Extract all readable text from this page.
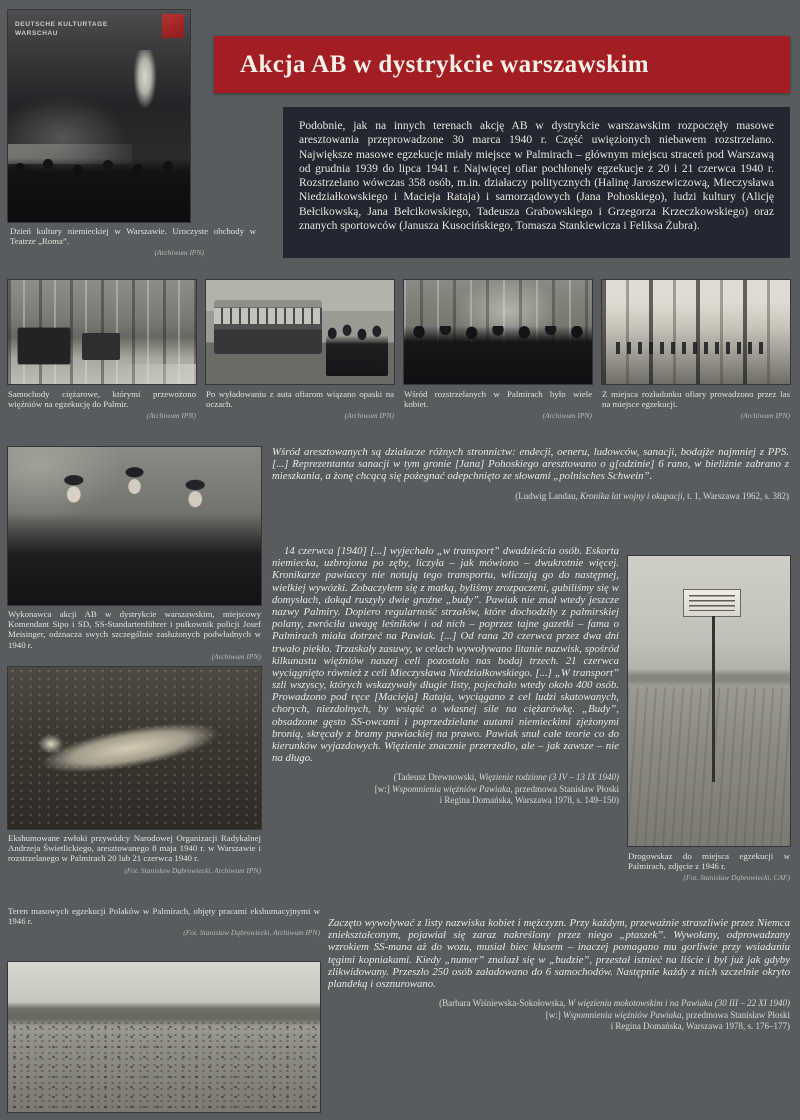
DEUTSCHE KULTURTAGE WARSCHAU
Dzień kultury niemieckiej w Warszawie. Uroczyste obchody w Teatrze „Roma”.
(Archiwum IPN)
Akcja AB w dystrykcie warszawskim

Podobnie, jak na innych terenach akcję AB w dystrykcie warszawskim rozpoczęły masowe aresztowania przeprowadzone 30 marca 1940 r. Część uwięzionych niebawem rozstrzelano. Największe masowe egzekucje miały miejsce w Palmirach – głównym miejscu straceń pod Warszawą od grudnia 1939 do lipca 1941 r. Najwięcej ofiar pochłonęły egzekucje z 20 i 21 czerwca 1940 r. Rozstrzelano wówczas 358 osób, m.in. działaczy politycznych (Halinę Jaroszewiczową, Mieczysława Niedziałkowskiego i Macieja Rataja) i samorządowych (Jana Pohoskiego), ludzi kultury (Alicję Bełcikowską, Jana Bełcikowskiego, Tadeusza Grabowskiego i Grzegorza Krzeczkowskiego) oraz znanych sportowców (Janusza Kusocińskiego, Tomasza Stankiewicza i Feliksa Żubra).

Samochody ciężarowe, którymi przewożono więźniów na egzekucję do Palmir.
(Archiwum IPN)
Po wyładowaniu z auta ofiarom wiązano opaski na oczach.
(Archiwum IPN)
Wśród rozstrzelanych w Palmirach było wiele kobiet.
(Archiwum IPN)
Z miejsca rozładunku ofiary prowadzono przez las na miejsce egzekucji.
(Archiwum IPN)

Wśród aresztowanych są działacze różnych stronnictw: endecji, oeneru, ludowców, sanacji, bodajże najmniej z PPS. [...] Reprezentanta sanacji w tym gronie [Jana] Pohoskiego aresztowano o g[odzinie] 6 rano, w bieliźnie zabrano z mieszkania, a żonę chcącą się pożegnać odepchnięto ze słowami „polnisches Schwein”.

(Ludwig Landau, Kronika lat wojny i okupacji, t. 1, Warszawa 1962, s. 382)

Wykonawca akcji AB w dystrykcie warszawskim, miejscowy Komendant Sipo i SD, SS-Standartenführer i pułkownik policji Josef Meisinger, odznacza swych szczególnie zasłużonych podwładnych w 1940 r.
(Archiwum IPN)
Ekshumowane zwłoki przywódcy Narodowej Organizacji Radykalnej Andrzeja Świetlickiego, aresztowanego 8 maja 1940 r. w Warszawie i rozstrzelanego w Palmirach 20 lub 21 czerwca 1940 r.
(Fot. Stanisław Dąbrowiecki, Archiwum IPN)

14 czerwca [1940] [...] wyjechało „w transport” dwadzieścia osób. Eskorta niemiecka, uzbrojona po zęby, liczyła – jak mówiono – dwukrotnie więcej. Kronikarze pawiaccy nie notują tego transportu, wliczają go do następnej, wielkiej wywózki. Zobaczyłem się z matką, byliśmy zrozpaczeni, gubiliśmy się w domysłach, dokąd ruszyły dwie groźne „budy”. Pawiak nie znał wtedy jeszcze nazwy Palmiry. Dopiero regularność strzałów, które dochodziły z palmirskiej polany, zwróciła uwagę leśników i od nich – poprzez tajne gazetki – fama o Palmirach miała dotrzeć na Pawiak. [...] Od rana 20 czerwca przez dwa dni trwało piekło. Trzaskały zasuwy, w celach wywoływano litanie nazwisk, spośród kilkunastu więźniów naszej celi pozostało nas bodaj trzech. 21 czerwca wyciągnięto również z celi Mieczysława Niedziałkowskiego. [...] „W transport” szli wszyscy, których wskazywały długie listy, pojechało wtedy około 400 osób. Prowadzono pod ręce [Macieja] Rataja, wyciągano z cel ludzi skatowanych, chorych, niezdolnych, by wsiąść o własnej sile na ciężarówkę. „Budy”, obsadzone gęsto SS-owcami i poprzedzielane autami niemieckimi zjeżonymi bronią, skręcały z bramy pawiackiej na prawo. Pawiak snuł całe teorie co do kierunków wyjazdowych. Więzienie znacznie przerzedło, ale – jak zawsze – nie na długo.

(Tadeusz Drewnowski, Więzienie rodzinne (3 IV – 13 IX 1940)
[w:] Wspomnienia więźniów Pawiaka, przedmowa Stanisław Płoski
i Regina Domańska, Warszawa 1978, s. 149–150)

Drogowskaz do miejsca egzekucji w Palmirach, zdjęcie z 1946 r.
(Fot. Stanisław Dąbrowiecki, CAF)
Teren masowych egzekucji Polaków w Palmirach, objęty pracami ekshumacyjnymi w 1946 r.
(Fot. Stanisław Dąbrowiecki, Archiwum IPN)

Zaczęto wywoływać z listy nazwiska kobiet i mężczyzn. Przy każdym, przeważnie straszliwie przez Niemca zniekształconym, pojawiał się zaraz nakreślony przez niego „ptaszek”. Wywołany, odprowadzany wzrokiem SS-mana aż do wozu, musiał biec kłusem – inaczej pomagano mu gorliwie przy wsiadaniu tęgimi kopniakami. Kiedy „numer” znalazł się w „budzie”, przestał istnieć na liście i był już jak gdyby zlikwidowany. Przeszło 250 osób załadowano do 6 samochodów. Następnie każdy z nich szczelnie okryto plandeką i osznurowano.

(Barbara Wiśniewska-Sokołowska, W więzieniu mokotowskim i na Pawiaku (30 III – 22 XI 1940)
[w:] Wspomnienia więźniów Pawiaka, przedmowa Stanisław Płoski
i Regina Domańska, Warszawa 1978, s. 176–177)
